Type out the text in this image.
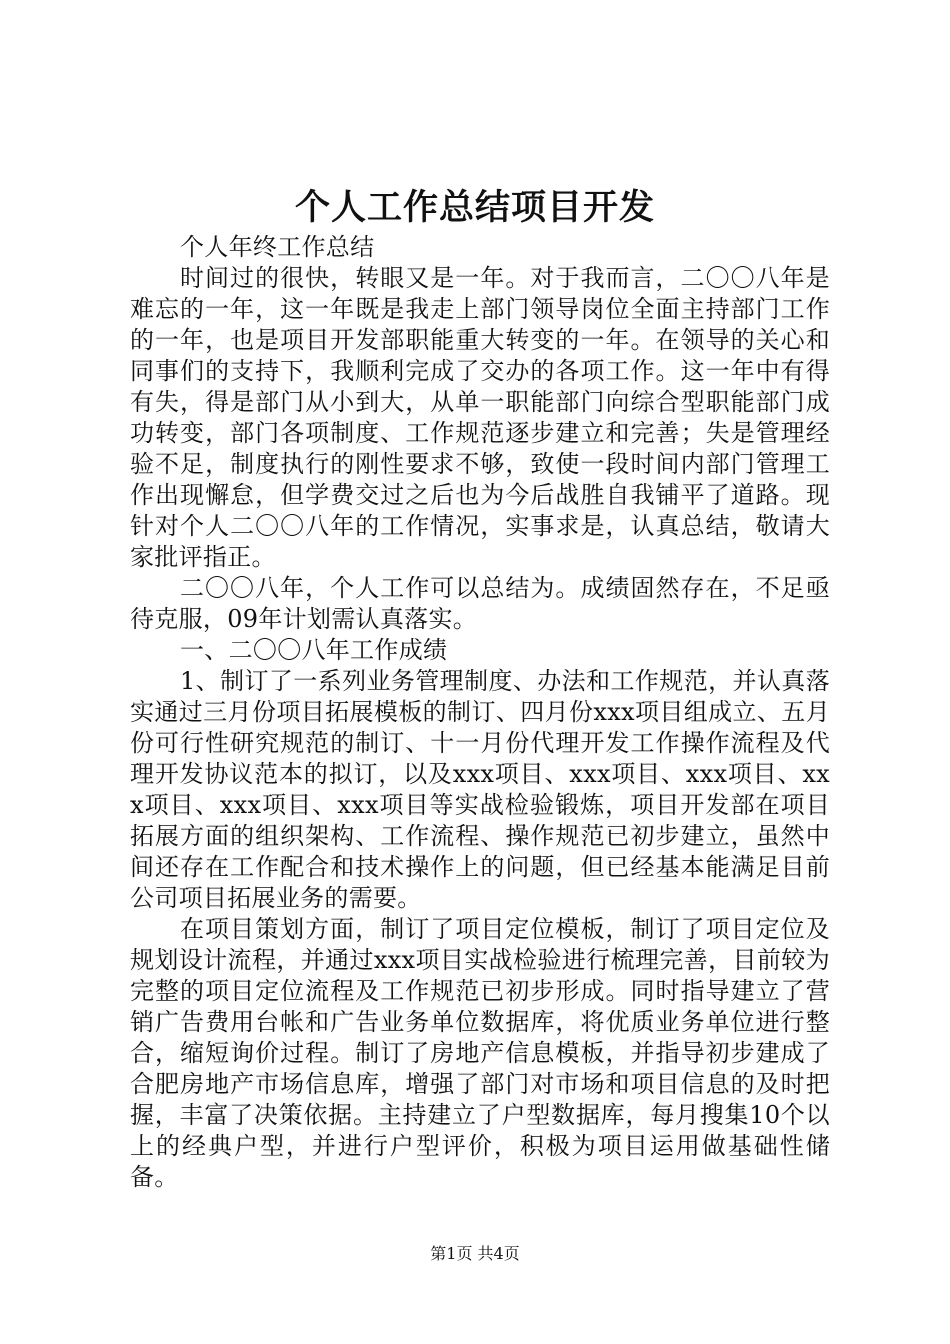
个人工作总结项目开发

个人年终工作总结

时间过的很快，转眼又是一年。对于我而言，二〇〇八年是难忘的一年，这一年既是我走上部门领导岗位全面主持部门工作的一年，也是项目开发部职能重大转变的一年。在领导的关心和同事们的支持下，我顺利完成了交办的各项工作。这一年中有得有失，得是部门从小到大，从单一职能部门向综合型职能部门成功转变，部门各项制度、工作规范逐步建立和完善；失是管理经验不足，制度执行的刚性要求不够，致使一段时间内部门管理工作出现懈怠，但学费交过之后也为今后战胜自我铺平了道路。现针对个人二〇〇八年的工作情况，实事求是，认真总结，敬请大家批评指正。

二〇〇八年，个人工作可以总结为。成绩固然存在，不足亟待克服，09年计划需认真落实。

一、二〇〇八年工作成绩

1、制订了一系列业务管理制度、办法和工作规范，并认真落实通过三月份项目拓展模板的制订、四月份xxx项目组成立、五月份可行性研究规范的制订、十一月份代理开发工作操作流程及代理开发协议范本的拟订，以及xxx项目、xxx项目、xxx项目、xxx项目、xxx项目、xxx项目等实战检验锻炼，项目开发部在项目拓展方面的组织架构、工作流程、操作规范已初步建立，虽然中间还存在工作配合和技术操作上的问题，但已经基本能满足目前公司项目拓展业务的需要。

在项目策划方面，制订了项目定位模板，制订了项目定位及规划设计流程，并通过xxx项目实战检验进行梳理完善，目前较为完整的项目定位流程及工作规范已初步形成。同时指导建立了营销广告费用台帐和广告业务单位数据库，将优质业务单位进行整合，缩短询价过程。制订了房地产信息模板，并指导初步建成了合肥房地产市场信息库，增强了部门对市场和项目信息的及时把握，丰富了决策依据。主持建立了户型数据库，每月搜集10个以上的经典户型，并进行户型评价，积极为项目运用做基础性储备。

第1页 共4页
